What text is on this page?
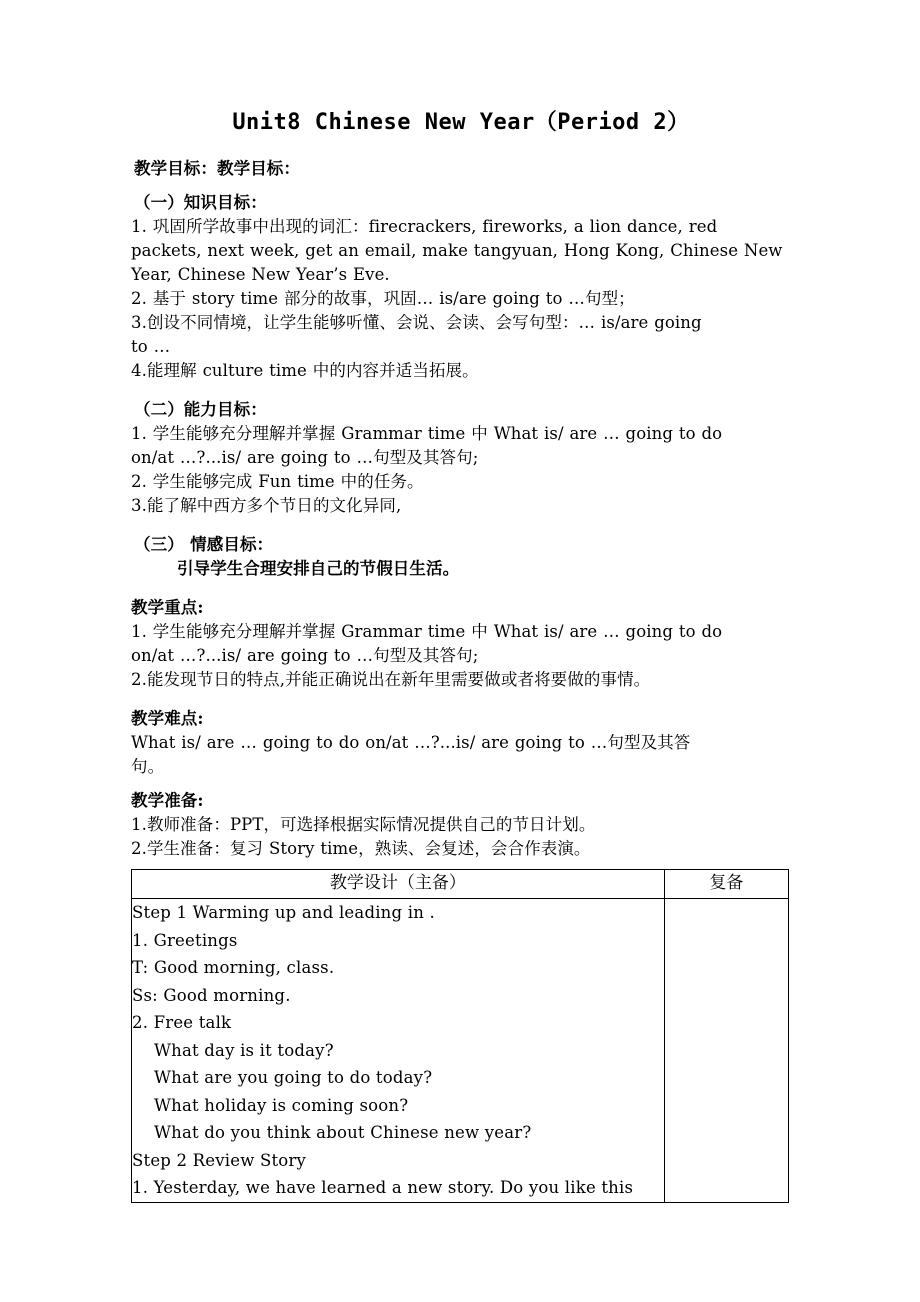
Unit8 Chinese New Year（Period 2）

教学目标：教学目标：

（一）知识目标：

1. 巩固所学故事中出现的词汇：firecrackers, fireworks, a lion dance, red

packets, next week, get an email, make tangyuan, Hong Kong, Chinese New

Year, Chinese New Year’s Eve.

2. 基于 story time 部分的故事，巩固… is/are going to …句型；

3.创设不同情境，让学生能够听懂、会说、会读、会写句型：… is/are going

to …

4.能理解 culture time 中的内容并适当拓展。

（二）能力目标：

1. 学生能够充分理解并掌握 Grammar time 中 What is/ are … going to do

on/at …?...is/ are going to …句型及其答句;

2. 学生能够完成 Fun time 中的任务。

3.能了解中西方多个节日的文化异同,

（三） 情感目标：

引导学生合理安排自己的节假日生活。

教学重点:

1. 学生能够充分理解并掌握 Grammar time 中 What is/ are … going to do

on/at …?...is/ are going to …句型及其答句;

2.能发现节日的特点,并能正确说出在新年里需要做或者将要做的事情。

教学难点:

What is/ are … going to do on/at …?...is/ are going to …句型及其答

句。

教学准备:

1.教师准备：PPT，可选择根据实际情况提供自己的节日计划。

2.学生准备：复习 Story time，熟读、会复述，会合作表演。

教学设计（主备）	复备

Step 1 Warming up and leading in .
1. Greetings
T: Good morning, class.
Ss: Good morning.
2. Free talk
What day is it today?
What are you going to do today?
What holiday is coming soon?
What do you think about Chinese new year?
Step 2 Review Story
1. Yesterday, we have learned a new story. Do you like this
